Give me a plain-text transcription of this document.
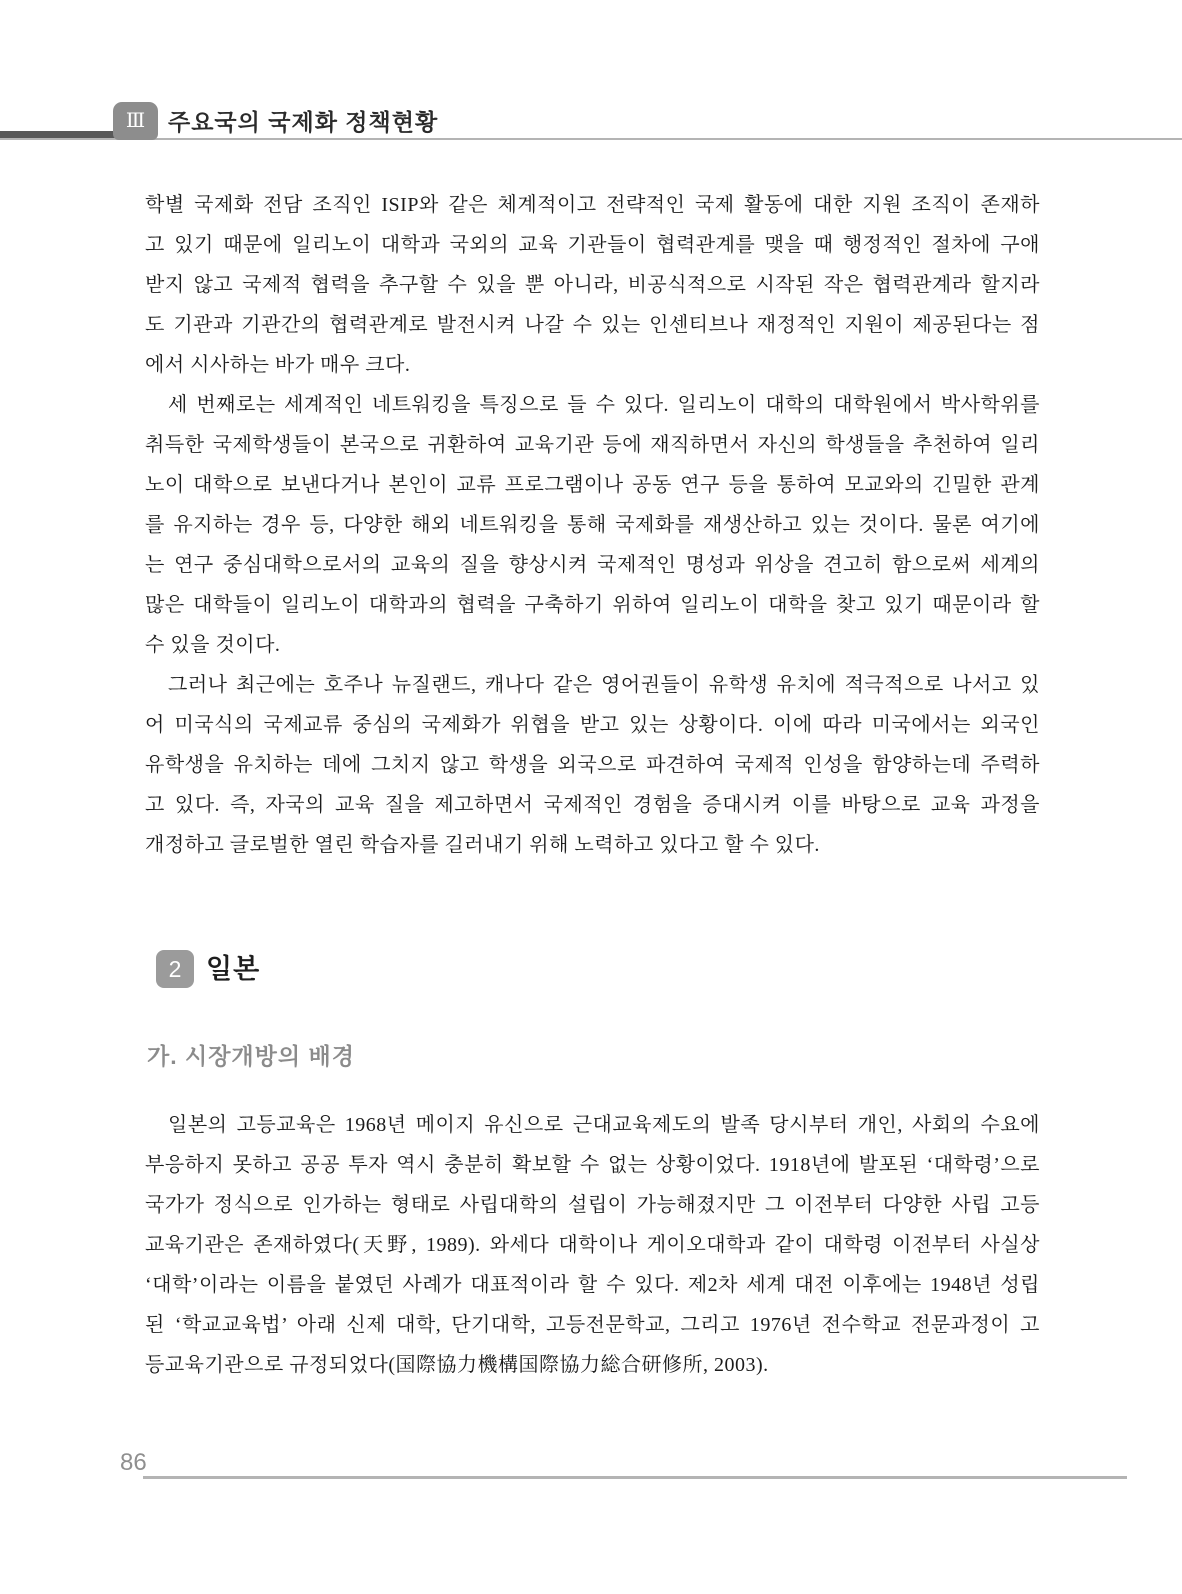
Ⅲ 주요국의 국제화 정책현황
학별 국제화 전담 조직인 ISIP와 같은 체계적이고 전략적인 국제 활동에 대한 지원 조직이 존재하
고 있기 때문에 일리노이 대학과 국외의 교육 기관들이 협력관계를 맺을 때 행정적인 절차에 구애
받지 않고 국제적 협력을 추구할 수 있을 뿐 아니라, 비공식적으로 시작된 작은 협력관계라 할지라
도 기관과 기관간의 협력관계로 발전시켜 나갈 수 있는 인센티브나 재정적인 지원이 제공된다는 점
에서 시사하는 바가 매우 크다.
세 번째로는 세계적인 네트워킹을 특징으로 들 수 있다. 일리노이 대학의 대학원에서 박사학위를
취득한 국제학생들이 본국으로 귀환하여 교육기관 등에 재직하면서 자신의 학생들을 추천하여 일리
노이 대학으로 보낸다거나 본인이 교류 프로그램이나 공동 연구 등을 통하여 모교와의 긴밀한 관계
를 유지하는 경우 등, 다양한 해외 네트워킹을 통해 국제화를 재생산하고 있는 것이다. 물론 여기에
는 연구 중심대학으로서의 교육의 질을 향상시켜 국제적인 명성과 위상을 견고히 함으로써 세계의
많은 대학들이 일리노이 대학과의 협력을 구축하기 위하여 일리노이 대학을 찾고 있기 때문이라 할
수 있을 것이다.
그러나 최근에는 호주나 뉴질랜드, 캐나다 같은 영어권들이 유학생 유치에 적극적으로 나서고 있
어 미국식의 국제교류 중심의 국제화가 위협을 받고 있는 상황이다. 이에 따라 미국에서는 외국인
유학생을 유치하는 데에 그치지 않고 학생을 외국으로 파견하여 국제적 인성을 함양하는데 주력하
고 있다. 즉, 자국의 교육 질을 제고하면서 국제적인 경험을 증대시켜 이를 바탕으로 교육 과정을
개정하고 글로벌한 열린 학습자를 길러내기 위해 노력하고 있다고 할 수 있다.
2 일본
가. 시장개방의 배경
일본의 고등교육은 1968년 메이지 유신으로 근대교육제도의 발족 당시부터 개인, 사회의 수요에
부응하지 못하고 공공 투자 역시 충분히 확보할 수 없는 상황이었다. 1918년에 발포된 ‘대학령’으로
국가가 정식으로 인가하는 형태로 사립대학의 설립이 가능해졌지만 그 이전부터 다양한 사립 고등
교육기관은 존재하였다(天野, 1989). 와세다 대학이나 게이오대학과 같이 대학령 이전부터 사실상
‘대학’이라는 이름을 붙였던 사례가 대표적이라 할 수 있다. 제2차 세계 대전 이후에는 1948년 성립
된 ‘학교교육법’ 아래 신제 대학, 단기대학, 고등전문학교, 그리고 1976년 전수학교 전문과정이 고
등교육기관으로 규정되었다(国際協力機構国際協力総合研修所, 2003).
86
